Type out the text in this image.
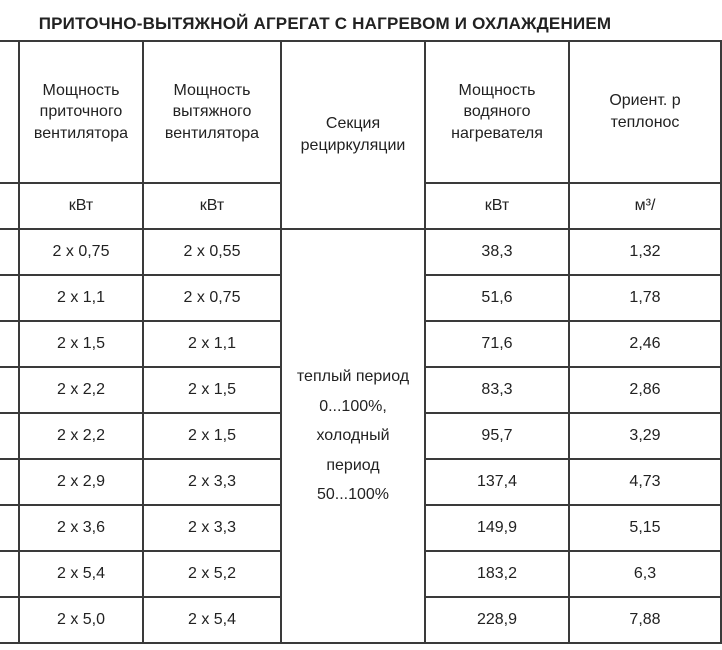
ПРИТОЧНО-ВЫТЯЖНОЙ АГРЕГАТ С НАГРЕВОМ И ОХЛАЖДЕНИЕМ

Мощность
приточного
вентилятора	Мощность
вытяжного
вентилятора	Секция
рециркуляции	Мощность
водяного
нагревателя	Ориент. р
теплонос

	кВт	кВт		кВт	м³/
	2 x 0,75	2 x 0,55	теплый период
0...100%,
холодный
период
50...100%	38,3	1,32
	2 x 1,1	2 x 0,75		51,6	1,78
	2 x 1,5	2 x 1,1		71,6	2,46
	2 x 2,2	2 x 1,5		83,3	2,86
	2 x 2,2	2 x 1,5		95,7	3,29
	2 x 2,9	2 x 3,3		137,4	4,73
	2 x 3,6	2 x 3,3		149,9	5,15
	2 x 5,4	2 x 5,2		183,2	6,3
	2 x 5,0	2 x 5,4		228,9	7,88
